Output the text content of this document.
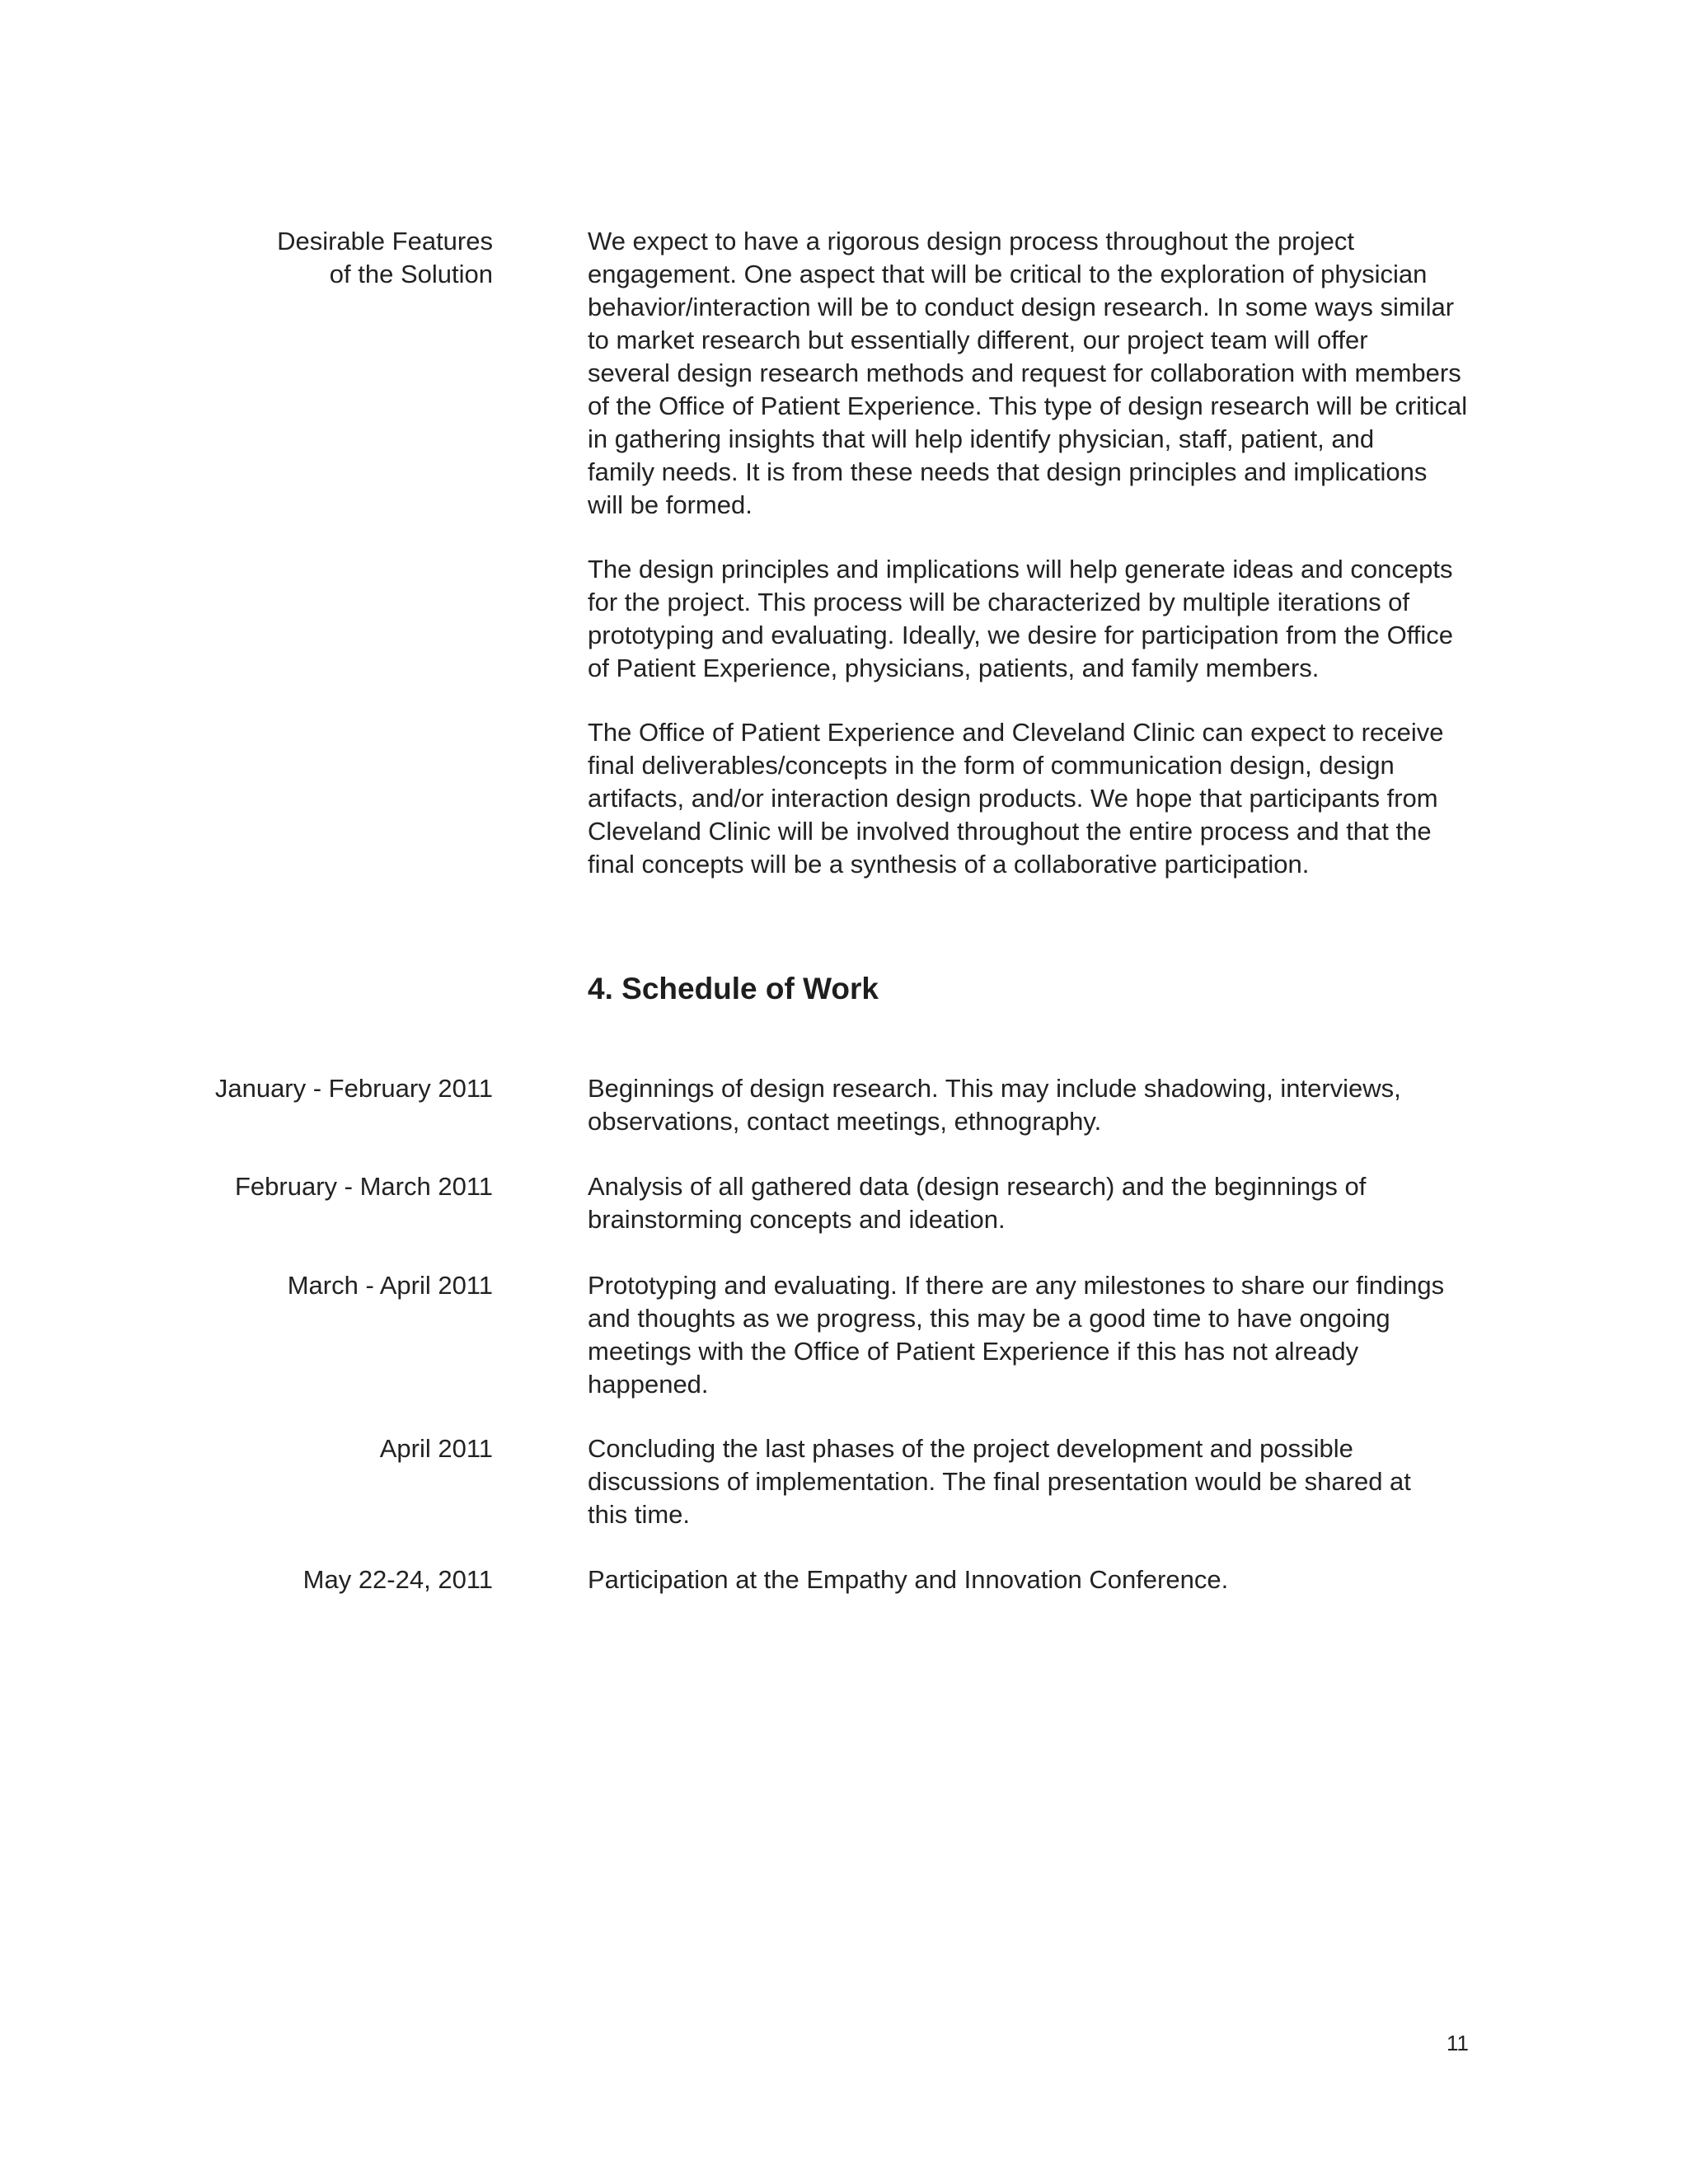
Desirable Features
of the Solution

We expect to have a rigorous design process throughout the project
engagement. One aspect that will be critical to the exploration of physician
behavior/interaction will be to conduct design research. In some ways similar
to market research but essentially different, our project team will offer
several design research methods and request for collaboration with members
of the Office of Patient Experience. This type of design research will be critical
in gathering insights that will help identify physician, staff, patient, and
family needs. It is from these needs that design principles and implications
will be formed.

The design principles and implications will help generate ideas and concepts
for the project. This process will be characterized by multiple iterations of
prototyping and evaluating. Ideally, we desire for participation from the Office
of Patient Experience, physicians, patients, and family members.

The Office of Patient Experience and Cleveland Clinic can expect to receive
final deliverables/concepts in the form of communication design, design
artifacts, and/or interaction design products. We hope that participants from
Cleveland Clinic will be involved throughout the entire process and that the
final concepts will be a synthesis of a collaborative participation.

4. Schedule of Work
January - February 2011	Beginnings of design research. This may include shadowing, interviews,
observations, contact meetings, ethnography.

February - March 2011	Analysis of all gathered data (design research) and the beginnings of
brainstorming concepts and ideation.

March - April 2011	Prototyping and evaluating. If there are any milestones to share our findings
and thoughts as we progress, this may be a good time to have ongoing
meetings with the Office of Patient Experience if this has not already
happened.

April 2011	Concluding the last phases of the project development and possible
discussions of implementation. The final presentation would be shared at
this time.

May 22-24, 2011	Participation at the Empathy and Innovation Conference.

11
